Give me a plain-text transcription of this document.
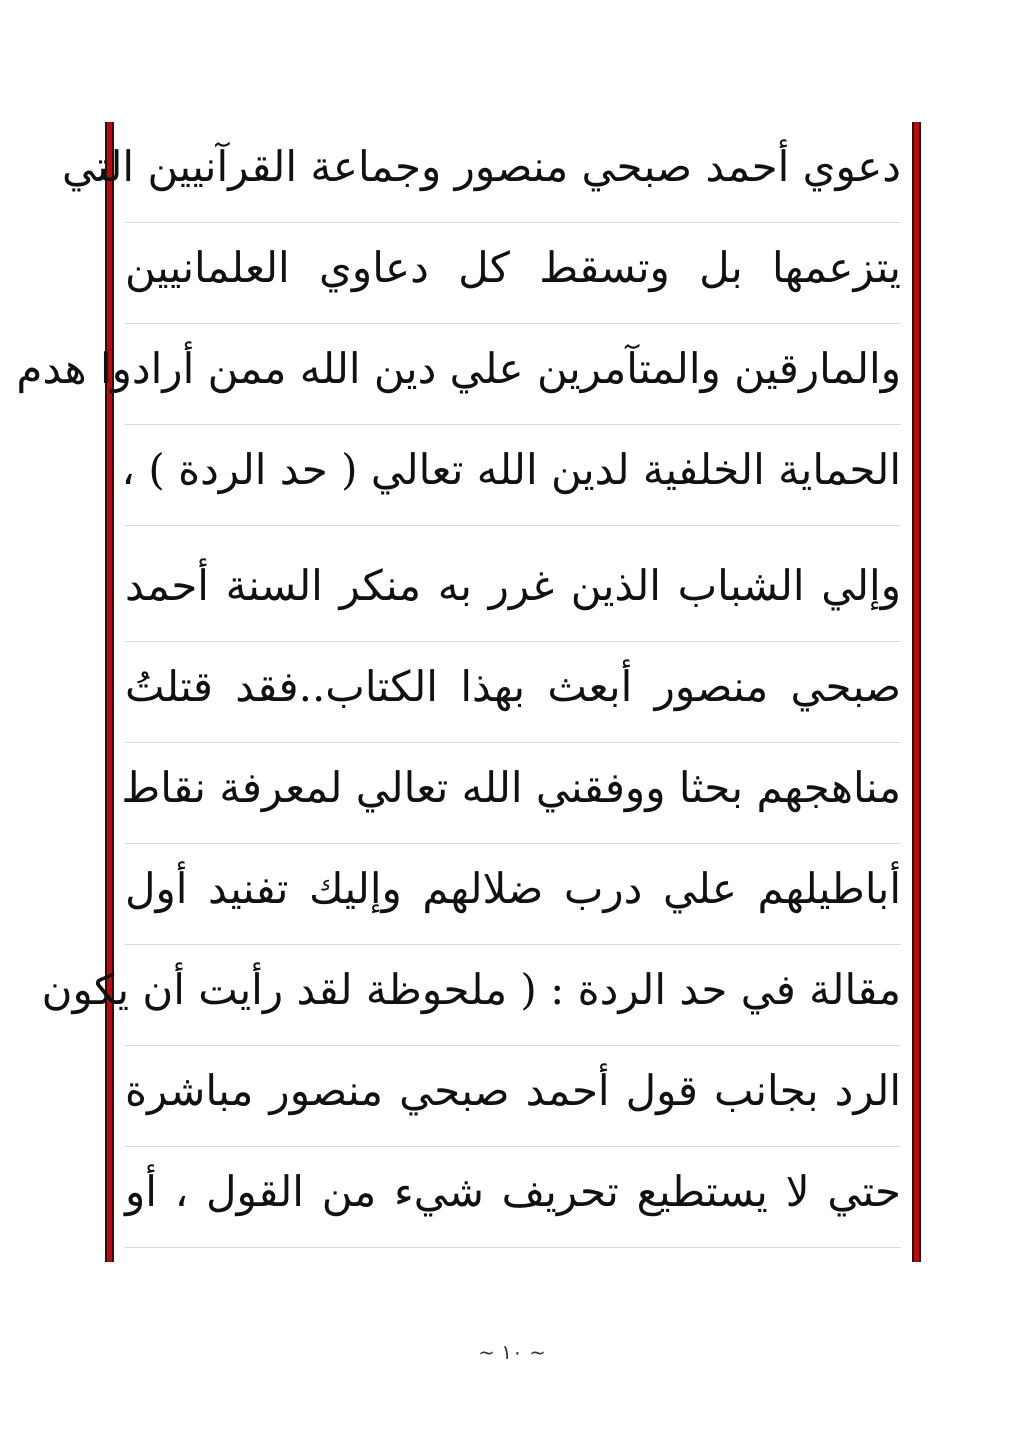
دعوي أحمد صبحي منصور وجماعة القرآنيين التي
يتزعمها بل وتسقط كل دعاوي العلمانيين
والمارقين والمتآمرين علي دين الله ممن أرادوا هدم
الحماية الخلفية لدين الله تعالي ( حد الردة ) ،
وإلي الشباب الذين غرر به منكر السنة أحمد
صبحي منصور أبعث بهذا الكتاب..فقد قتلتُ
مناهجهم بحثا ووفقني الله تعالي لمعرفة نقاط
أباطيلهم علي درب ضلالهم وإليك تفنيد أول
مقالة في حد الردة : ( ملحوظة لقد رأيت أن يكون
الرد بجانب قول أحمد صبحي منصور مباشرة
حتي لا يستطيع تحريف شيء من القول ، أو
~ ١٠ ~
